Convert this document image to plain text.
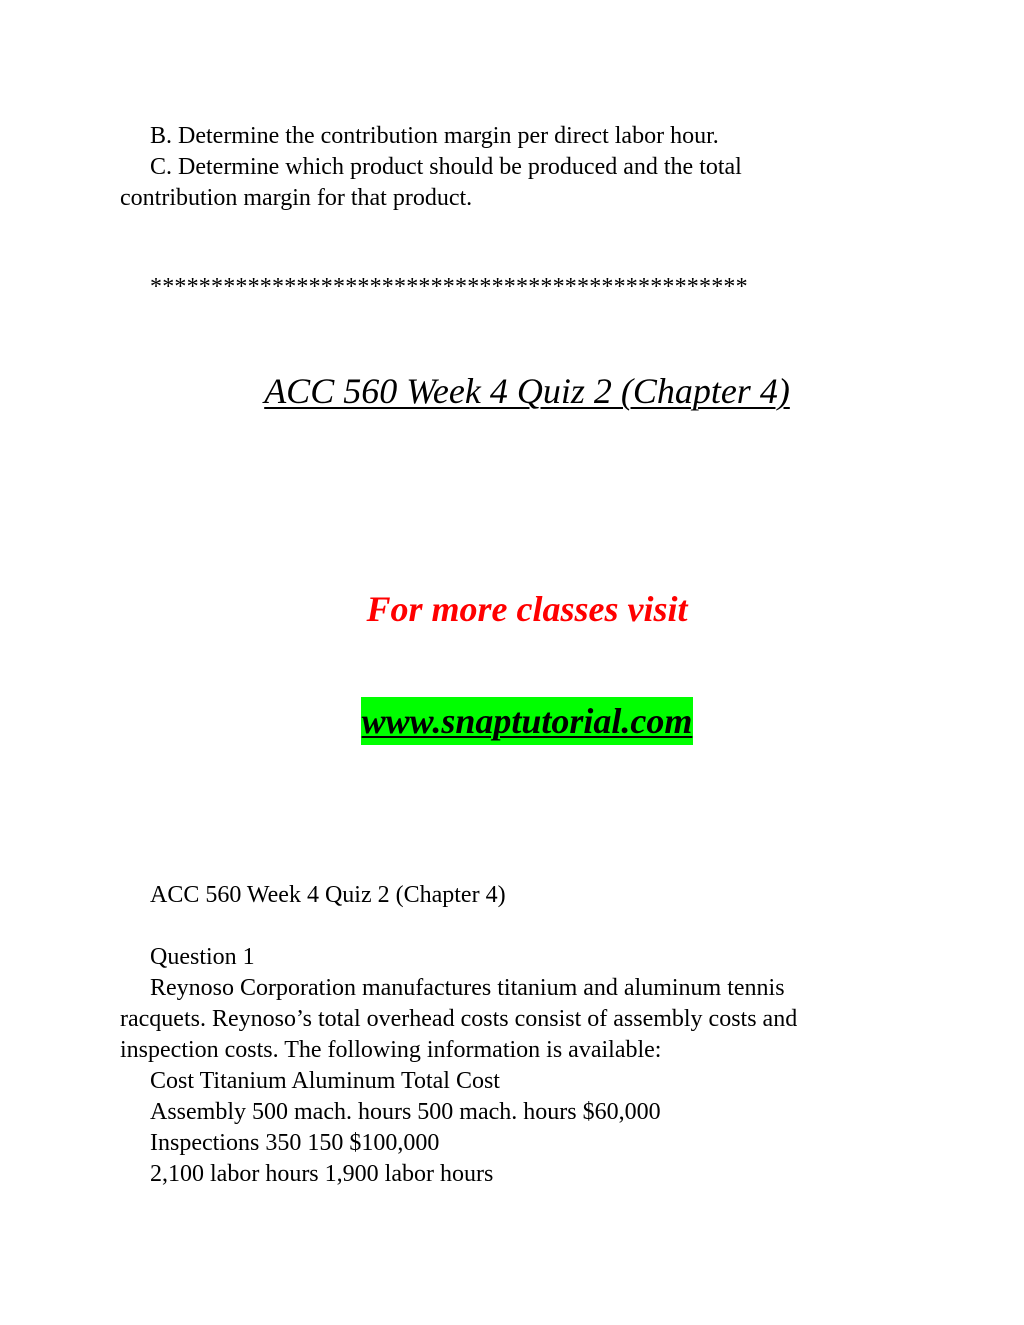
B. Determine the contribution margin per direct labor hour.
C. Determine which product should be produced and the total
contribution margin for that product.
*************************************************
ACC 560 Week 4 Quiz 2 (Chapter 4)
For more classes visit
www.snaptutorial.com
ACC 560 Week 4 Quiz 2 (Chapter 4)
Question 1
Reynoso Corporation manufactures titanium and aluminum tennis
racquets. Reynoso’s total overhead costs consist of assembly costs and
inspection costs. The following information is available:
Cost Titanium Aluminum Total Cost
Assembly 500 mach. hours 500 mach. hours $60,000
Inspections 350 150 $100,000
2,100 labor hours 1,900 labor hours
